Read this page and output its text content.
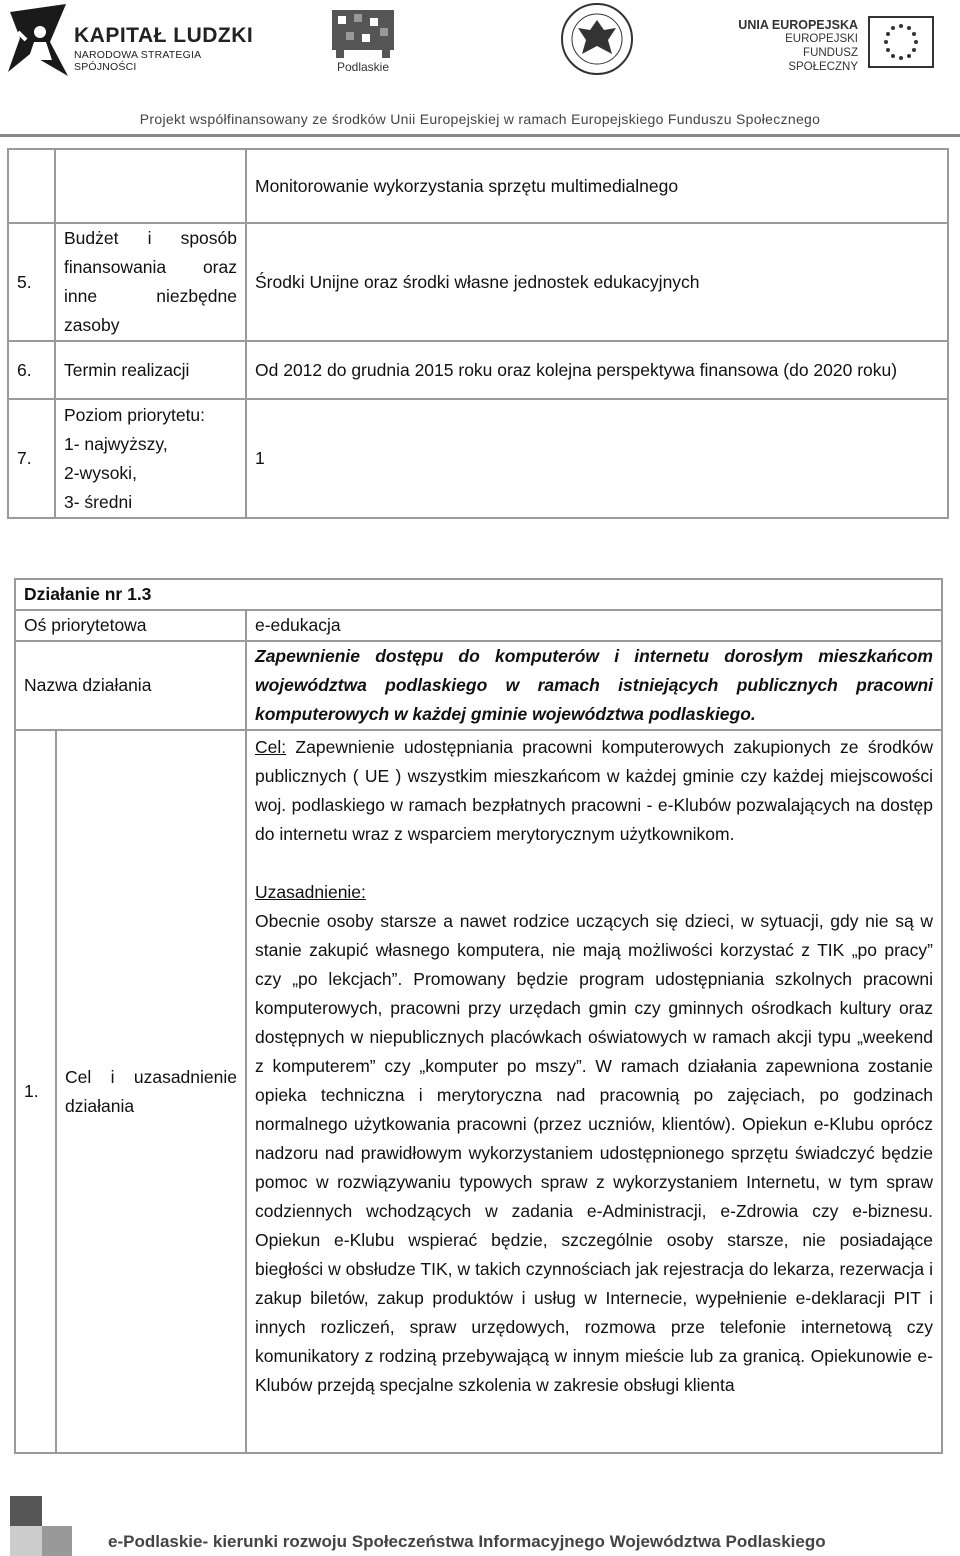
KAPITAŁ LUDZKI
NARODOWA STRATEGIA SPÓJNOŚCI	Podlaskie
UNIA EUROPEJSKA
EUROPEJSKI
FUNDUSZ SPOŁECZNY
Projekt współfinansowany ze środków Unii Europejskiej w ramach Europejskiego Funduszu Społecznego
		Monitorowanie wykorzystania sprzętu multimedialnego
5.	Budżet i sposób finansowania oraz inne niezbędne zasoby	Środki Unijne oraz środki własne jednostek edukacyjnych
6.	Termin realizacji	Od 2012 do grudnia 2015 roku oraz kolejna perspektywa finansowa (do 2020 roku)
7.	Poziom priorytetu:
1- najwyższy,
2-wysoki,
3- średni	1
Działanie nr 1.3		
Oś priorytetowa		e-edukacja
Nazwa działania		Zapewnienie dostępu do komputerów i internetu dorosłym mieszkańcom województwa podlaskiego w ramach istniejących publicznych pracowni komputerowych w każdej gminie województwa podlaskiego.
1.	Cel i uzasadnienie działania	Cel: Zapewnienie udostępniania pracowni komputerowych zakupionych ze środków publicznych ( UE ) wszystkim mieszkańcom w każdej gminie czy każdej miejscowości woj. podlaskiego w ramach bezpłatnych pracowni - e-Klubów pozwalających na dostęp do internetu wraz z wsparciem merytorycznym użytkownikom.
Uzasadnienie:
Obecnie osoby starsze a nawet rodzice uczących się dzieci, w sytuacji, gdy nie są w stanie zakupić własnego komputera, nie mają możliwości korzystać z TIK „po pracy” czy „po lekcjach”. Promowany będzie program udostępniania szkolnych pracowni komputerowych, pracowni przy urzędach gmin czy gminnych ośrodkach kultury oraz dostępnych w niepublicznych placówkach oświatowych w ramach akcji typu „weekend z komputerem” czy „komputer po mszy”. W ramach działania zapewniona zostanie opieka techniczna i merytoryczna nad pracownią po zajęciach, po godzinach normalnego użytkowania pracowni (przez uczniów, klientów). Opiekun e-Klubu oprócz nadzoru nad prawidłowym wykorzystaniem udostępnionego sprzętu świadczyć będzie pomoc w rozwiązywaniu typowych spraw z wykorzystaniem Internetu, w tym spraw codziennych wchodzących w zadania e-Administracji, e-Zdrowia czy e-biznesu. Opiekun e-Klubu wspierać będzie, szczególnie osoby starsze, nie posiadające biegłości w obsłudze TIK, w takich czynnościach jak rejestracja do lekarza, rezerwacja i zakup biletów, zakup produktów i usług w Internecie, wypełnienie e-deklaracji PIT i innych rozliczeń, spraw urzędowych, rozmowa prze telefonie internetową czy komunikatory z rodziną przebywającą w innym mieście lub za granicą. Opiekunowie e-Klubów przejdą specjalne szkolenia w zakresie obsługi klienta
e-Podlaskie- kierunki rozwoju Społeczeństwa Informacyjnego Województwa Podlaskiego
